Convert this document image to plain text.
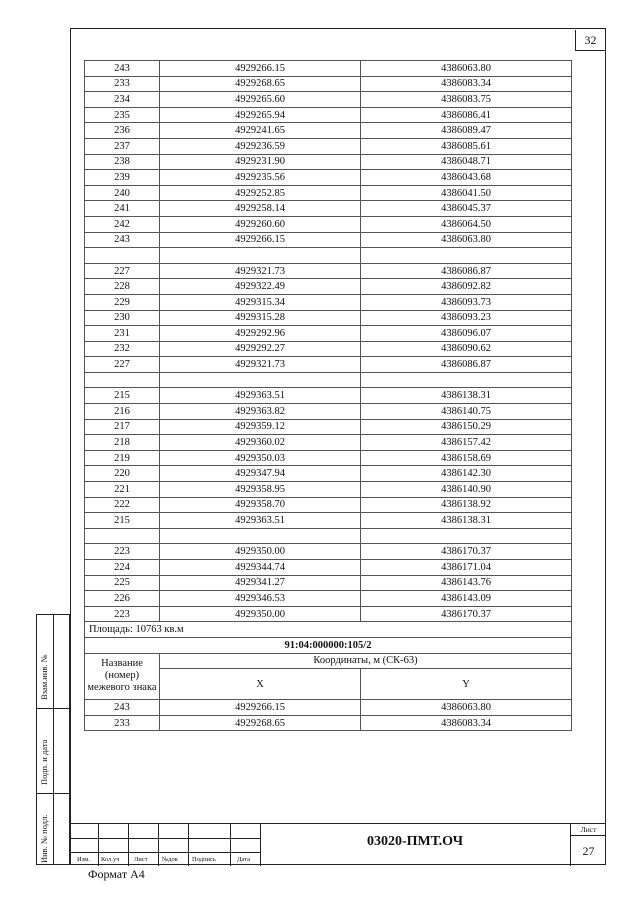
32
243	4929266.15	4386063.80
233	4929268.65	4386083.34
234	4929265.60	4386083.75
235	4929265.94	4386086.41
236	4929241.65	4386089.47
237	4929236.59	4386085.61
238	4929231.90	4386048.71
239	4929235.56	4386043.68
240	4929252.85	4386041.50
241	4929258.14	4386045.37
242	4929260.60	4386064.50
243	4929266.15	4386063.80

227	4929321.73	4386086.87
228	4929322.49	4386092.82
229	4929315.34	4386093.73
230	4929315.28	4386093.23
231	4929292.96	4386096.07
232	4929292.27	4386090.62
227	4929321.73	4386086.87

215	4929363.51	4386138.31
216	4929363.82	4386140.75
217	4929359.12	4386150.29
218	4929360.02	4386157.42
219	4929350.03	4386158.69
220	4929347.94	4386142.30
221	4929358.95	4386140.90
222	4929358.70	4386138.92
215	4929363.51	4386138.31

223	4929350.00	4386170.37
224	4929344.74	4386171.04
225	4929341.27	4386143.76
226	4929346.53	4386143.09
223	4929350.00	4386170.37
Площадь: 10763 кв.м		
91:04:000000:105/2		
Название (номер) межевого знака	Координаты, м (СК-63)	
	X	Y
243	4929266.15	4386063.80
233	4929268.65	4386083.34
Взам.инв. №
Подп. и дата
Инв. № подл.	Изм. Кол.уч Лист №док Подпись	Дата
03020-ПМТ.ОЧ
Лист
27
Формат А4
